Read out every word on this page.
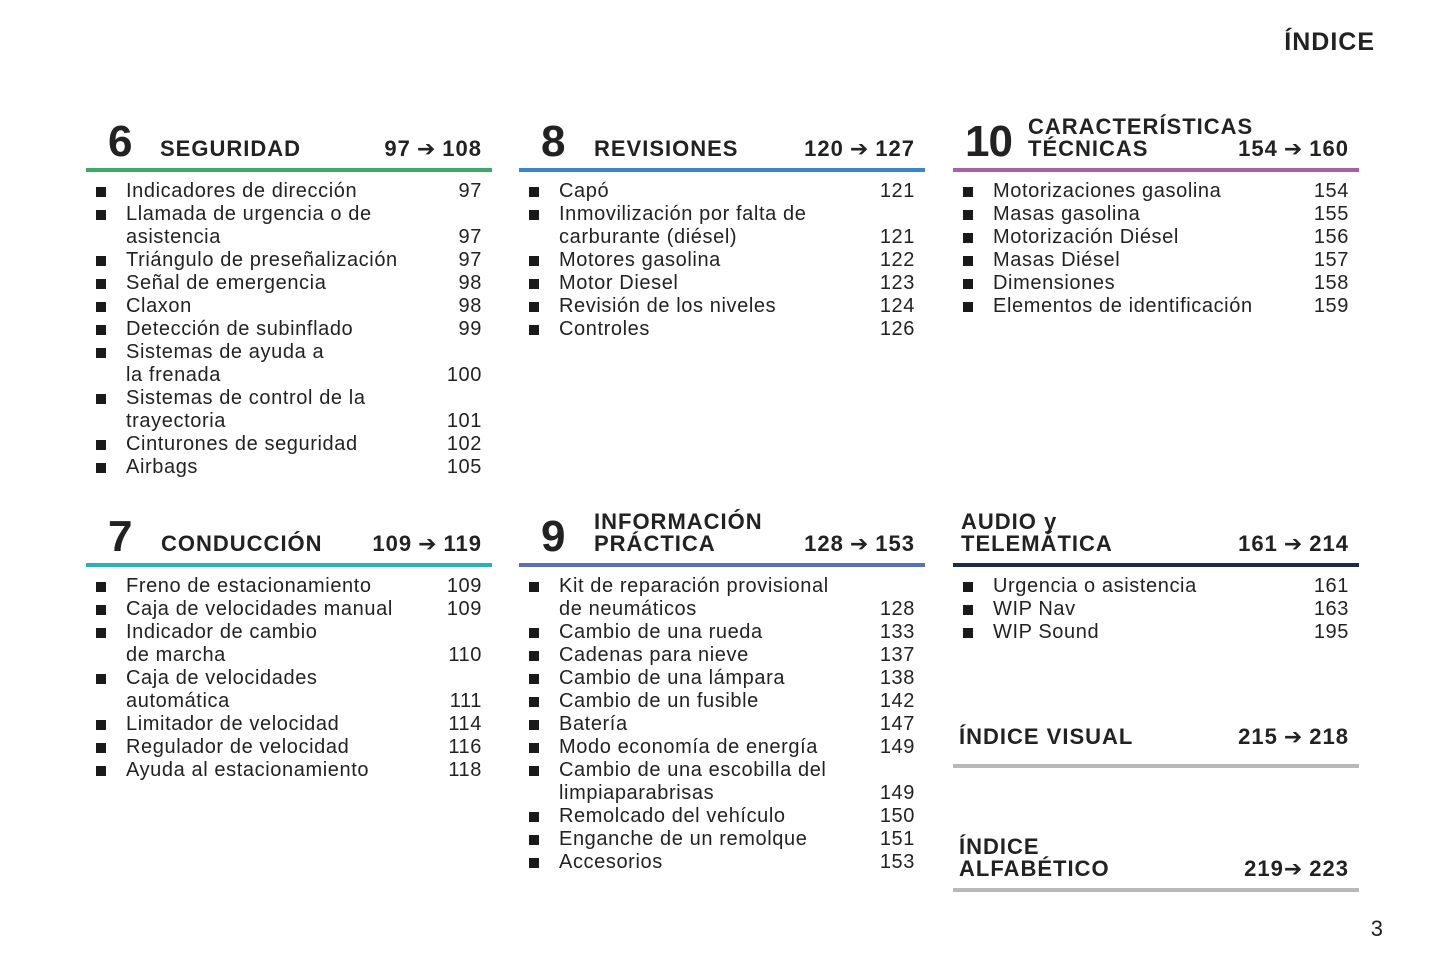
ÍNDICE
6 SEGURIDAD	97 ➔ 108
Indicadores de dirección	97
Llamada de urgencia o de
asistencia	97
Triángulo de preseñalización	97
Señal de emergencia	98
Claxon	98
Detección de subinflado	99
Sistemas de ayuda a
la frenada	100
Sistemas de control de la
trayectoria	101
Cinturones de seguridad	102
Airbags	105
8 REVISIONES	120 ➔ 127
Capó	121
Inmovilización por falta de
carburante (diésel)	121
Motores gasolina	122
Motor Diesel	123
Revisión de los niveles	124
Controles	126
10 CARACTERÍSTICAS
TÉCNICAS	154 ➔ 160
Motorizaciones gasolina	154
Masas gasolina	155
Motorización Diésel	156
Masas Diésel	157
Dimensiones	158
Elementos de identificación	159
7 CONDUCCIÓN 109 ➔ 119
Freno de estacionamiento	109
Caja de velocidades manual	109
Indicador de cambio
de marcha	110
Caja de velocidades
automática	111
Limitador de velocidad	114
Regulador de velocidad	116
Ayuda al estacionamiento	118
9 INFORMACIÓN
PRÁCTICA	128 ➔ 153
Kit de reparación provisional
de neumáticos	128
Cambio de una rueda	133
Cadenas para nieve	137
Cambio de una lámpara	138
Cambio de un fusible	142
Batería	147
Modo economía de energía	149
Cambio de una escobilla del
limpiaparabrisas	149
Remolcado del vehículo	150
Enganche de un remolque	151
Accesorios	153
AUDIO y
TELEMÁTICA	161 ➔ 214
Urgencia o asistencia	161
WIP Nav	163
WIP Sound	195
ÍNDICE VISUAL	215 ➔ 218
ÍNDICE
ALFABÉTICO	219➔ 223
3
